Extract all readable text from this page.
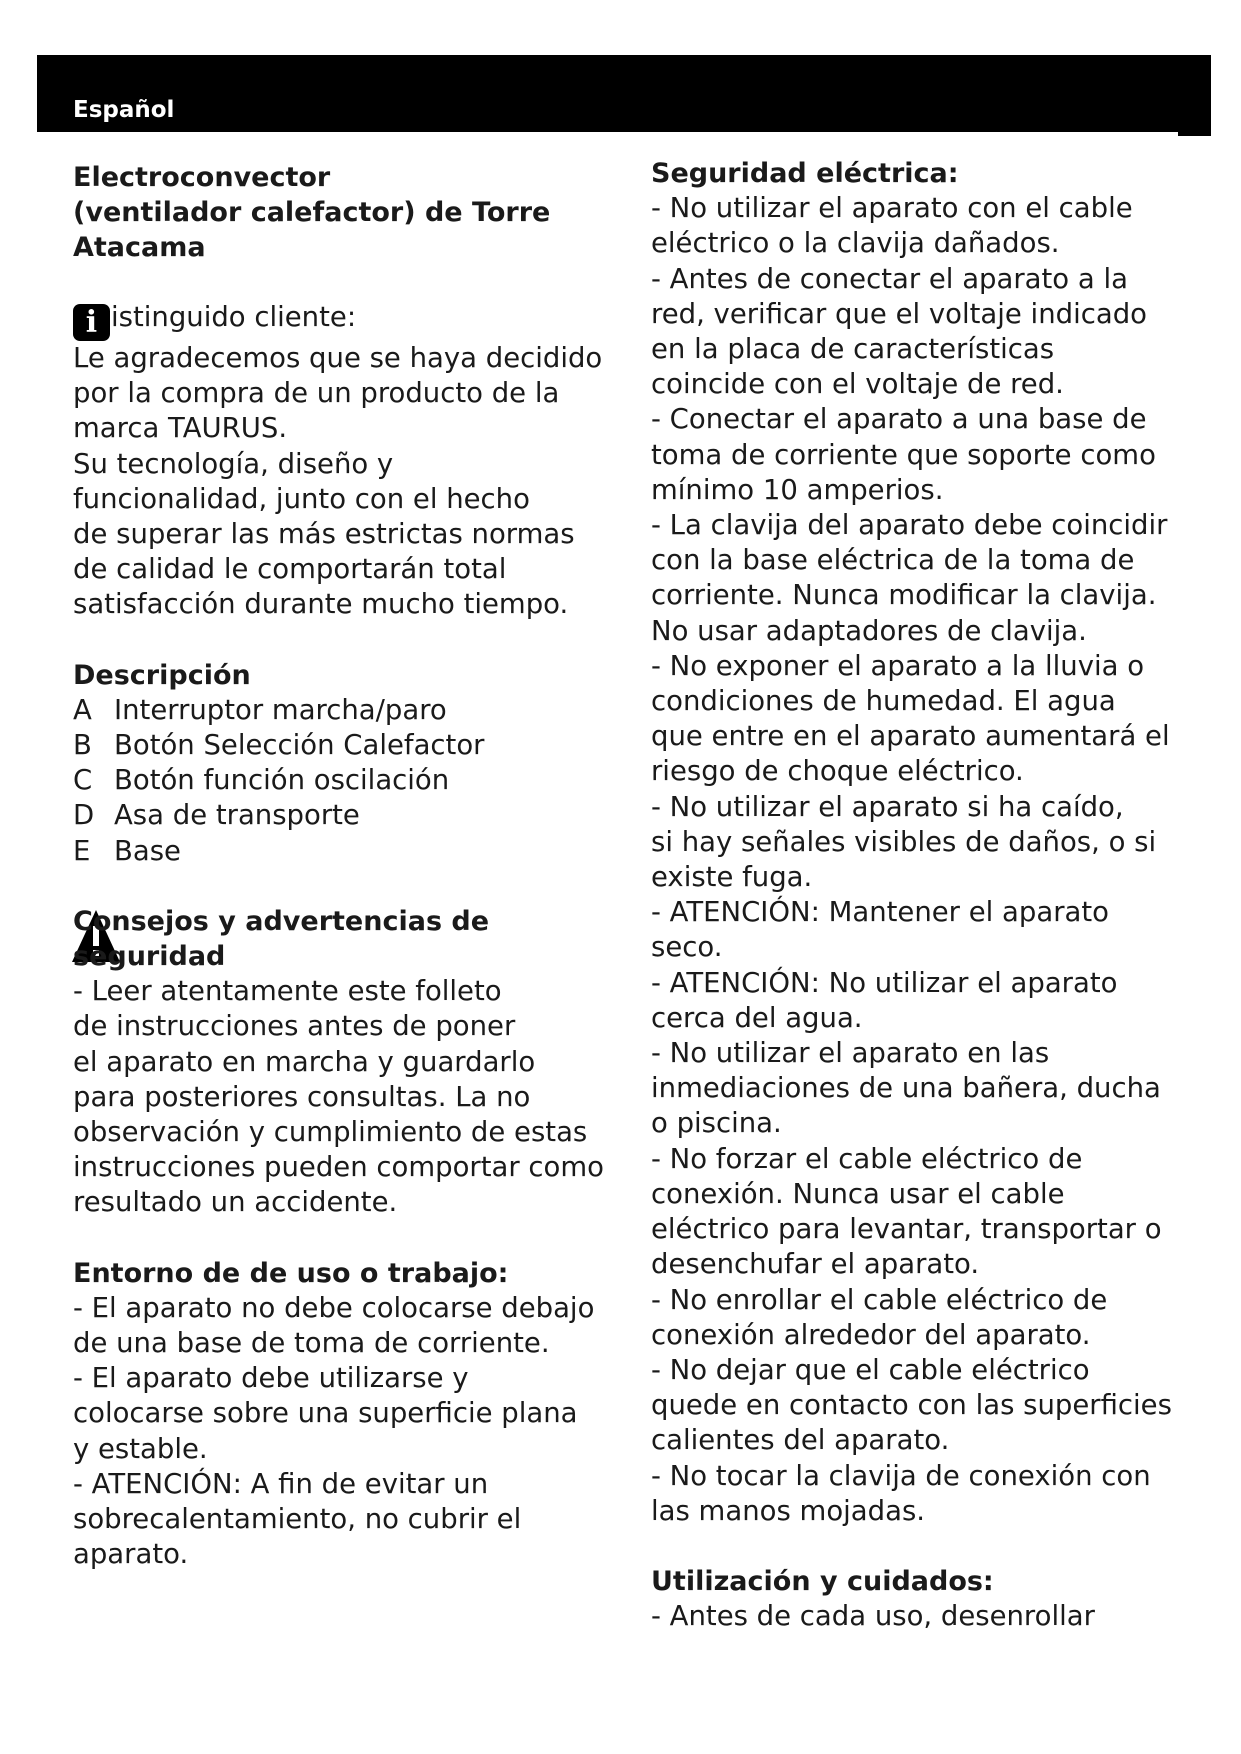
Español
Electroconvector
(ventilador calefactor) de Torre
Atacama
i istinguido cliente:
Le agradecemos que se haya decidido
por la compra de un producto de la
marca TAURUS.
Su tecnología, diseño y
funcionalidad, junto con el hecho
de superar las más estrictas normas
de calidad le comportarán total
satisfacción durante mucho tiempo.
Descripción
A Interruptor marcha/paro
B Botón Selección Calefactor
C Botón función oscilación
D Asa de transporte
E Base
Consejos y advertencias de
seguridad
- Leer atentamente este folleto
de instrucciones antes de poner
el aparato en marcha y guardarlo
para posteriores consultas. La no
observación y cumplimiento de estas
instrucciones pueden comportar como
resultado un accidente.
Entorno de de uso o trabajo:
- El aparato no debe colocarse debajo
de una base de toma de corriente.
- El aparato debe utilizarse y
colocarse sobre una superficie plana
y estable.
- ATENCIÓN: A fin de evitar un
sobrecalentamiento, no cubrir el
aparato.
Seguridad eléctrica:
- No utilizar el aparato con el cable
eléctrico o la clavija dañados.
- Antes de conectar el aparato a la
red, verificar que el voltaje indicado
en la placa de características
coincide con el voltaje de red.
- Conectar el aparato a una base de
toma de corriente que soporte como
mínimo 10 amperios.
- La clavija del aparato debe coincidir
con la base eléctrica de la toma de
corriente. Nunca modificar la clavija.
No usar adaptadores de clavija.
- No exponer el aparato a la lluvia o
condiciones de humedad. El agua
que entre en el aparato aumentará el
riesgo de choque eléctrico.
- No utilizar el aparato si ha caído,
si hay señales visibles de daños, o si
existe fuga.
- ATENCIÓN: Mantener el aparato
seco.
- ATENCIÓN: No utilizar el aparato
cerca del agua.
- No utilizar el aparato en las
inmediaciones de una bañera, ducha
o piscina.
- No forzar el cable eléctrico de
conexión. Nunca usar el cable
eléctrico para levantar, transportar o
desenchufar el aparato.
- No enrollar el cable eléctrico de
conexión alrededor del aparato.
- No dejar que el cable eléctrico
quede en contacto con las superficies
calientes del aparato.
- No tocar la clavija de conexión con
las manos mojadas.
Utilización y cuidados:
- Antes de cada uso, desenrollar
